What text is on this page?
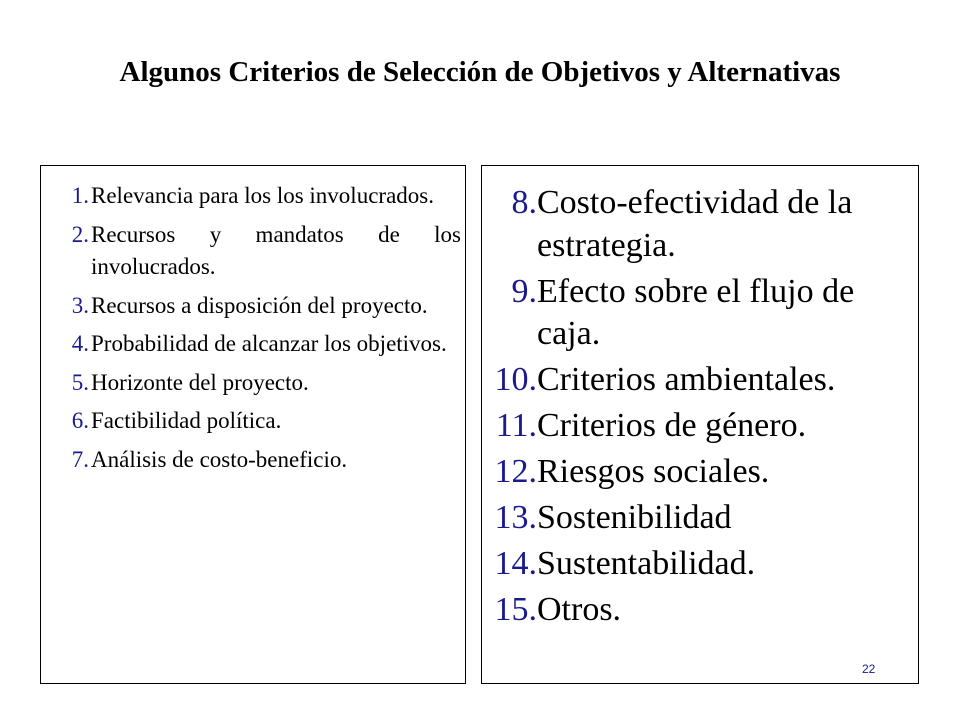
Algunos Criterios de Selección de Objetivos y Alternativas
1. Relevancia para los los involucrados.
2. Recursos y mandatos de los involucrados.
3. Recursos a disposición del proyecto.
4. Probabilidad de alcanzar los objetivos.
5. Horizonte del proyecto.
6. Factibilidad política.
7. Análisis de costo-beneficio.
8. Costo-efectividad de la estrategia.
9. Efecto sobre el flujo de caja.
10. Criterios ambientales.
11. Criterios de género.
12. Riesgos sociales.
13. Sostenibilidad
14. Sustentabilidad.
15. Otros.
22
